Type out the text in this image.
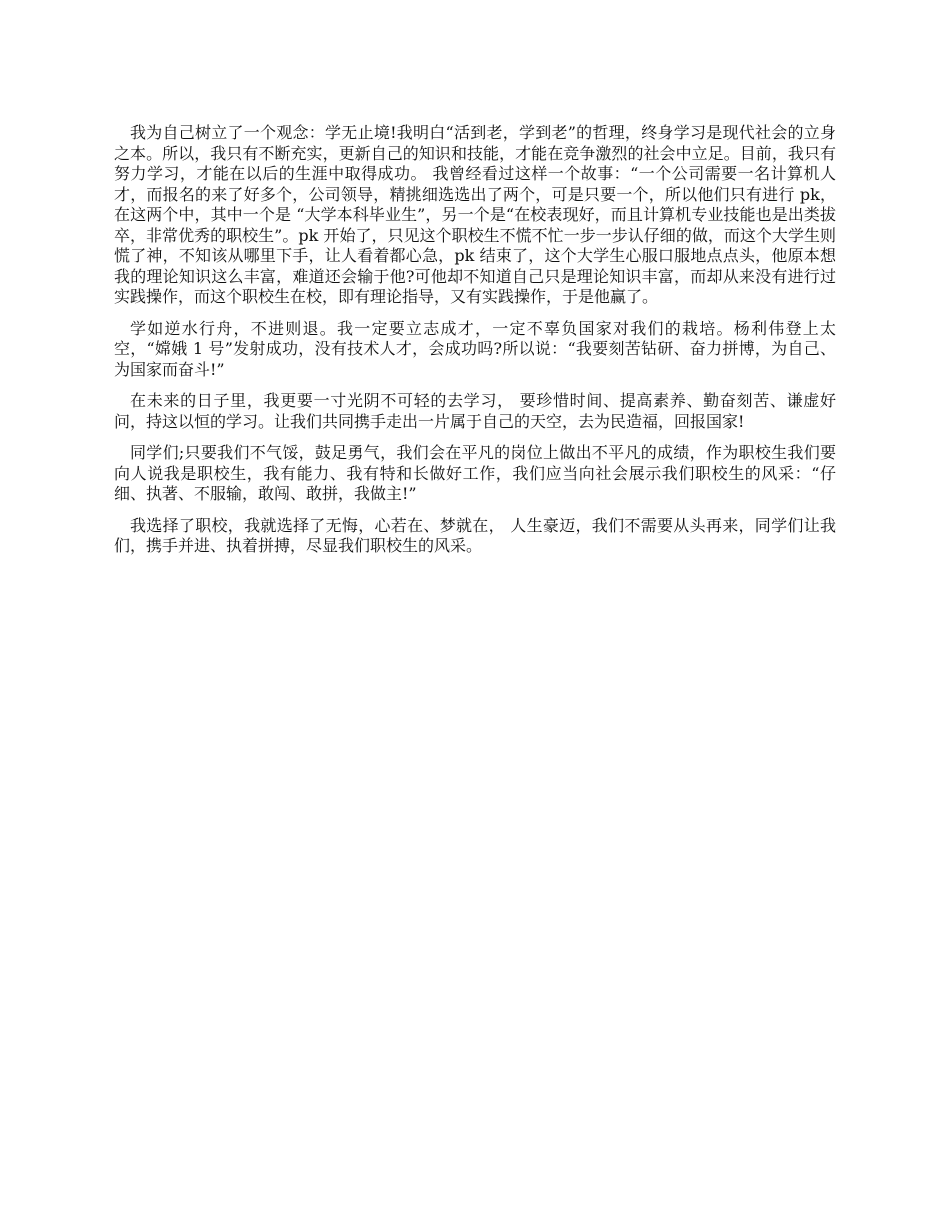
我为自己树立了一个观念：学无止境!我明白“活到老，学到老”的哲理，终身学习是现代社会的立身之本。所以，我只有不断充实，更新自己的知识和技能，才能在竞争激烈的社会中立足。目前，我只有努力学习，才能在以后的生涯中取得成功。 我曾经看过这样一个故事：“一个公司需要一名计算机人才，而报名的来了好多个，公司领导，精挑细选选出了两个，可是只要一个，所以他们只有进行 pk，在这两个中，其中一个是 “大学本科毕业生”，另一个是“在校表现好，而且计算机专业技能也是出类拔卒，非常优秀的职校生”。pk 开始了，只见这个职校生不慌不忙一步一步认仔细的做，而这个大学生则慌了神，不知该从哪里下手，让人看着都心急，pk 结束了，这个大学生心服口服地点点头，他原本想我的理论知识这么丰富，难道还会输于他?可他却不知道自己只是理论知识丰富，而却从来没有进行过实践操作，而这个职校生在校，即有理论指导，又有实践操作，于是他赢了。

学如逆水行舟，不进则退。我一定要立志成才，一定不辜负国家对我们的栽培。杨利伟登上太空，“嫦娥 1 号”发射成功，没有技术人才，会成功吗?所以说：“我要刻苦钻研、奋力拼博，为自己、为国家而奋斗!”

在未来的日子里，我更要一寸光阴不可轻的去学习， 要珍惜时间、提高素养、勤奋刻苦、谦虚好问，持这以恒的学习。让我们共同携手走出一片属于自己的天空，去为民造福，回报国家!

同学们;只要我们不气馁，鼓足勇气，我们会在平凡的岗位上做出不平凡的成绩，作为职校生我们要向人说我是职校生，我有能力、我有特和长做好工作，我们应当向社会展示我们职校生的风采：“仔细、执著、不服输，敢闯、敢拼，我做主!”

我选择了职校，我就选择了无悔，心若在、梦就在， 人生豪迈，我们不需要从头再来，同学们让我们，携手并进、执着拼搏，尽显我们职校生的风采。
